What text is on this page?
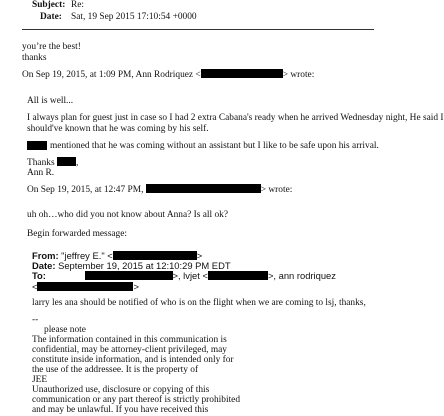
Subject: Re:
Date: Sat, 19 Sep 2015 17:10:54 +0000
you’re the best!
thanks
On Sep 19, 2015, at 1:09 PM, Ann Rodriquez <	> wrote:
All is well...
I always plan for guest just in case so I had 2 extra Cabana's ready when he arrived Wednesday night, He said I
should've known that he was coming by his self.
mentioned that he was coming without an assistant but I like to be safe upon his arrival.
Thanks ,
Ann R.
On Sep 19, 2015, at 12:47 PM,	> wrote:
uh oh…who did you not know about Anna? Is all ok?
Begin forwarded message:
From: "jeffrey E." <	>
Date: September 19, 2015 at 12:10:29 PM EDT
To:	>, lvjet <	>, ann rodriquez
<	>
larry les ana should be notified of who is on the flight when we are coming to lsj, thanks,
--
please note
The information contained in this communication is
confidential, may be attorney-client privileged, may
constitute inside information, and is intended only for
the use of the addressee. It is the property of
JEE
Unauthorized use, disclosure or copying of this
communication or any part thereof is strictly prohibited
and may be unlawful. If you have received this
